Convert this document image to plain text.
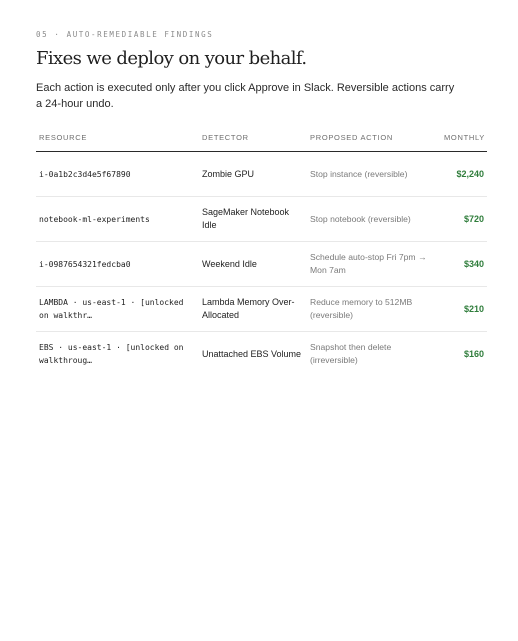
05 · AUTO-REMEDIABLE FINDINGS

Fixes we deploy on your behalf.

Each action is executed only after you click Approve in Slack. Reversible actions carry a 24-hour undo.

RESOURCE	DETECTOR	PROPOSED ACTION	MONTHLY
i-0a1b2c3d4e5f67890	Zombie GPU	Stop instance (reversible)	$2,240
notebook-ml-experiments	SageMaker Notebook Idle	Stop notebook (reversible)	$720
i-0987654321fedcba0	Weekend Idle	Schedule auto-stop Fri 7pm → Mon 7am	$340
LAMBDA · us-east-1 · [unlocked on walkthr…	Lambda Memory Over-Allocated	Reduce memory to 512MB (reversible)	$210
EBS · us-east-1 · [unlocked on walkthroug…	Unattached EBS Volume	Snapshot then delete (irreversible)	$160
